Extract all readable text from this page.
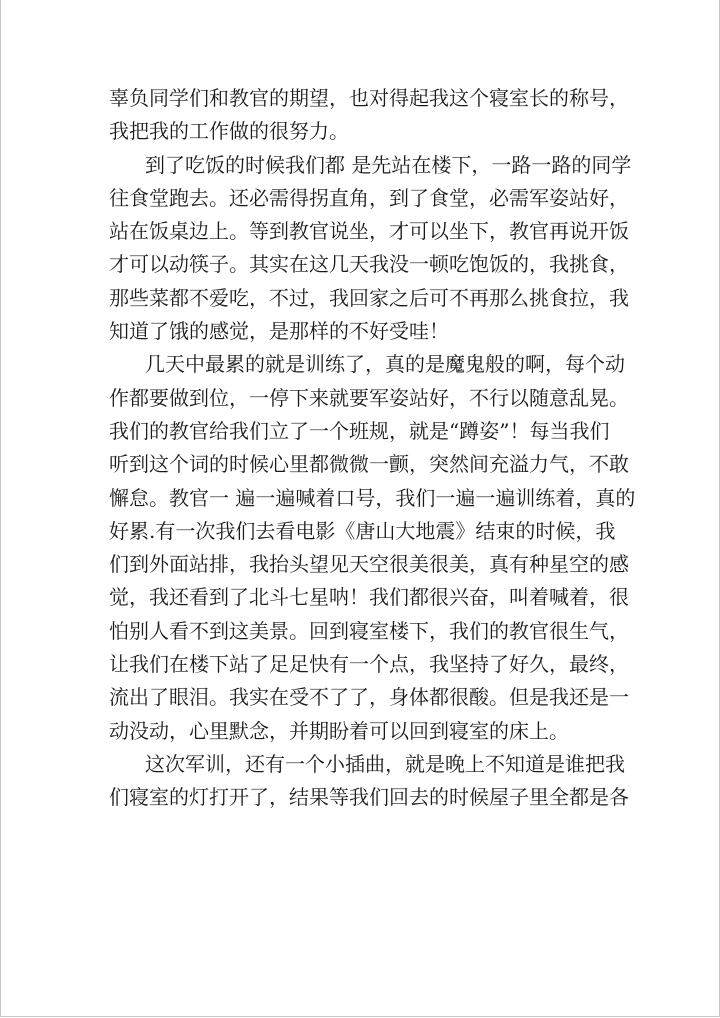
辜负同学们和教官的期望，也对得起我这个寝室长的称号，
我把我的工作做的很努力。
到了吃饭的时候我们都 是先站在楼下，一路一路的同学
往食堂跑去。还必需得拐直角，到了食堂，必需军姿站好，
站在饭桌边上。等到教官说坐，才可以坐下，教官再说开饭
才可以动筷子。其实在这几天我没一顿吃饱饭的，我挑食，
那些菜都不爱吃，不过，我回家之后可不再那么挑食拉，我
知道了饿的感觉，是那样的不好受哇！
几天中最累的就是训练了，真的是魔鬼般的啊，每个动
作都要做到位，一停下来就要军姿站好，不行以随意乱晃。
我们的教官给我们立了一个班规，就是“蹲姿”！每当我们
听到这个词的时候心里都微微一颤，突然间充溢力气，不敢
懈怠。教官一 遍一遍喊着口号，我们一遍一遍训练着，真的
好累.有一次我们去看电影《唐山大地震》结束的时候，我
们到外面站排，我抬头望见天空很美很美，真有种星空的感
觉，我还看到了北斗七星呐！我们都很兴奋，叫着喊着，很
怕别人看不到这美景。回到寝室楼下，我们的教官很生气，
让我们在楼下站了足足快有一个点，我坚持了好久，最终，
流出了眼泪。我实在受不了了，身体都很酸。但是我还是一
动没动，心里默念，并期盼着可以回到寝室的床上。
这次军训，还有一个小插曲，就是晚上不知道是谁把我
们寝室的灯打开了，结果等我们回去的时候屋子里全都是各
